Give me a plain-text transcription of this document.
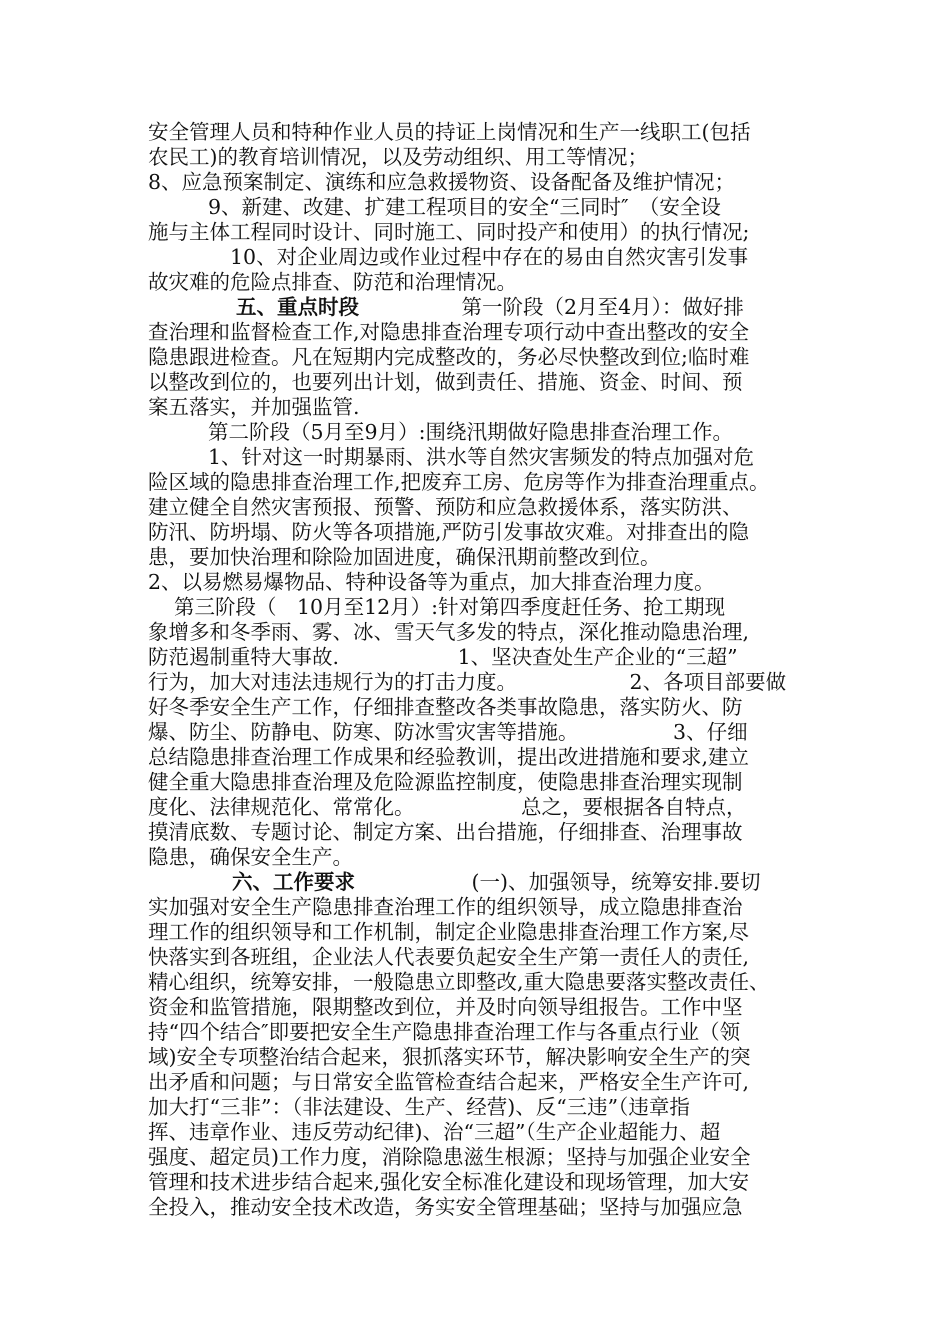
安全管理人员和特种作业人员的持证上岗情况和生产一线职工(包括
农民工)的教育培训情况，以及劳动组织、用工等情况；
8、应急预案制定、演练和应急救援物资、设备配备及维护情况；
9、新建、改建、扩建工程项目的安全“三同时″　（安全设
施与主体工程同时设计、同时施工、同时投产和使用）的执行情况;
10、对企业周边或作业过程中存在的易由自然灾害引发事
故灾难的危险点排查、防范和治理情况。
五、重点时段	第一阶段（2月至4月）：做好排
查治理和监督检查工作,对隐患排查治理专项行动中查出整改的安全
隐患跟进检查。凡在短期内完成整改的，务必尽快整改到位;临时难
以整改到位的，也要列出计划，做到责任、措施、资金、时间、预
案五落实，并加强监管.
第二阶段（5月至9月）:围绕汛期做好隐患排查治理工作。
1、针对这一时期暴雨、洪水等自然灾害频发的特点加强对危
险区域的隐患排查治理工作,把废弃工房、危房等作为排查治理重点。
建立健全自然灾害预报、预警、预防和应急救援体系，落实防洪、
防汛、防坍塌、防火等各项措施,严防引发事故灾难。对排查出的隐
患，要加快治理和除险加固进度，确保汛期前整改到位。
2、以易燃易爆物品、特种设备等为重点，加大排查治理力度。
第三阶段（　10月至12月）:针对第四季度赶任务、抢工期现
象增多和冬季雨、雾、冰、雪天气多发的特点，深化推动隐患治理,
防范遏制重特大事故.	1、坚决查处生产企业的“三超”
行为，加大对违法违规行为的打击力度。	2、各项目部要做
好冬季安全生产工作，仔细排查整改各类事故隐患，落实防火、防
爆、防尘、防静电、防寒、防冰雪灾害等措施。	3、仔细
总结隐患排查治理工作成果和经验教训，提出改进措施和要求,建立
健全重大隐患排查治理及危险源监控制度，使隐患排查治理实现制
度化、法律规范化、常常化。	总之，要根据各自特点，
摸清底数、专题讨论、制定方案、出台措施，仔细排查、治理事故
隐患，确保安全生产。
六、工作要求	(一)、加强领导，统筹安排.要切
实加强对安全生产隐患排查治理工作的组织领导，成立隐患排查治
理工作的组织领导和工作机制，制定企业隐患排查治理工作方案,尽
快落实到各班组，企业法人代表要负起安全生产第一责任人的责任,
精心组织，统筹安排，一般隐患立即整改,重大隐患要落实整改责任、
资金和监管措施，限期整改到位，并及时向领导组报告。工作中坚
持“四个结合″即要把安全生产隐患排查治理工作与各重点行业（领
域)安全专项整治结合起来，狠抓落实环节，解决影响安全生产的突
出矛盾和问题；与日常安全监管检查结合起来，严格安全生产许可,
加大打“三非”：（非法建设、生产、经营)、反“三违”（违章指
挥、违章作业、违反劳动纪律)、治“三超”（生产企业超能力、超
强度、超定员)工作力度，消除隐患滋生根源；坚持与加强企业安全
管理和技术进步结合起来,强化安全标准化建设和现场管理，加大安
全投入，推动安全技术改造，务实安全管理基础；坚持与加强应急
